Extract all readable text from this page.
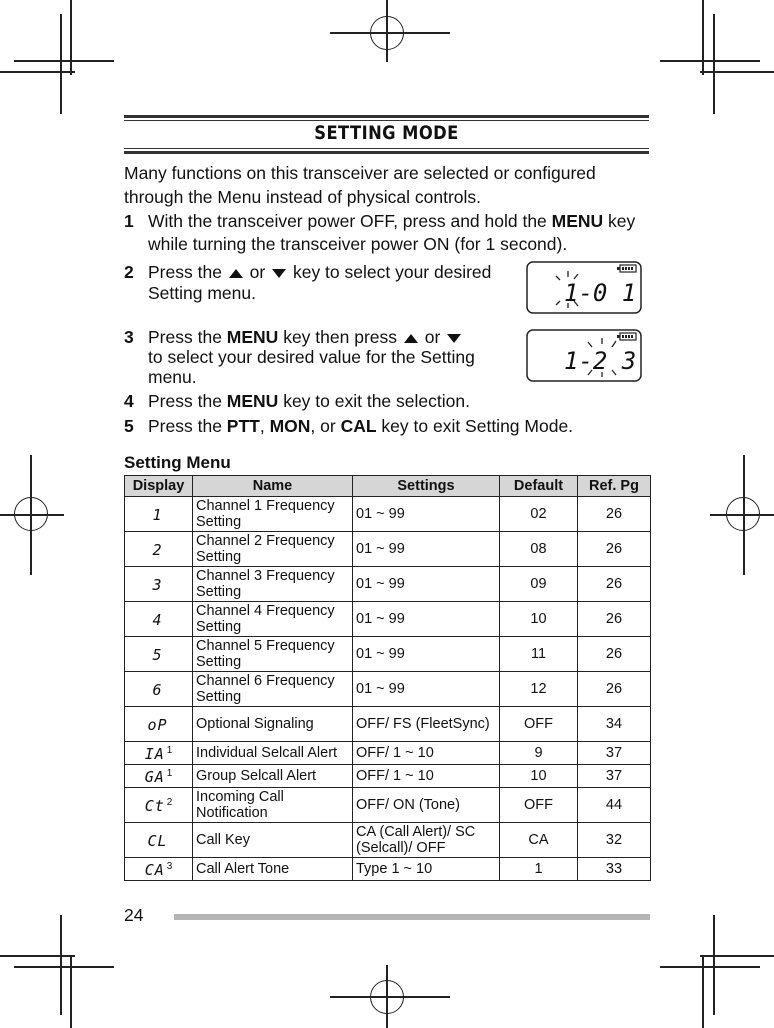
SETTING MODE
Many functions on this transceiver are selected or configured through the Menu instead of physical controls.
1 With the transceiver power OFF, press and hold the MENU key while turning the transceiver power ON (for 1 second).
2 Press the  or  key to select your desired
Setting menu.	1-0 1
3 Press the MENU key then press  or
to select your desired value for the Setting
menu.
1-2 3
4 Press the MENU key to exit the selection.
5 Press the PTT, MON, or CAL key to exit Setting Mode.
Setting Menu
Display	Name	Settings	Default	Ref. Pg
1	Channel 1 Frequency Setting	01 ~ 99	02	26
2	Channel 2 Frequency Setting	01 ~ 99	08	26
3	Channel 3 Frequency Setting	01 ~ 99	09	26
4	Channel 4 Frequency Setting	01 ~ 99	10	26
5	Channel 5 Frequency Setting	01 ~ 99	11	26
6	Channel 6 Frequency Setting	01 ~ 99	12	26
oP	Optional Signaling	OFF/ FS (FleetSync)	OFF	34
IA $^1$	Individual Selcall Alert	OFF/ 1 ~ 10	9	37
GA $^1$	Group Selcall Alert	OFF/ 1 ~ 10	10	37
Ct $^2$	Incoming Call Notification	OFF/ ON (Tone)	OFF	44
CL	Call Key	CA (Call Alert)/ SC (Selcall)/ OFF	CA	32
CA $^3$	Call Alert Tone	Type 1 ~ 10	1	33
24
